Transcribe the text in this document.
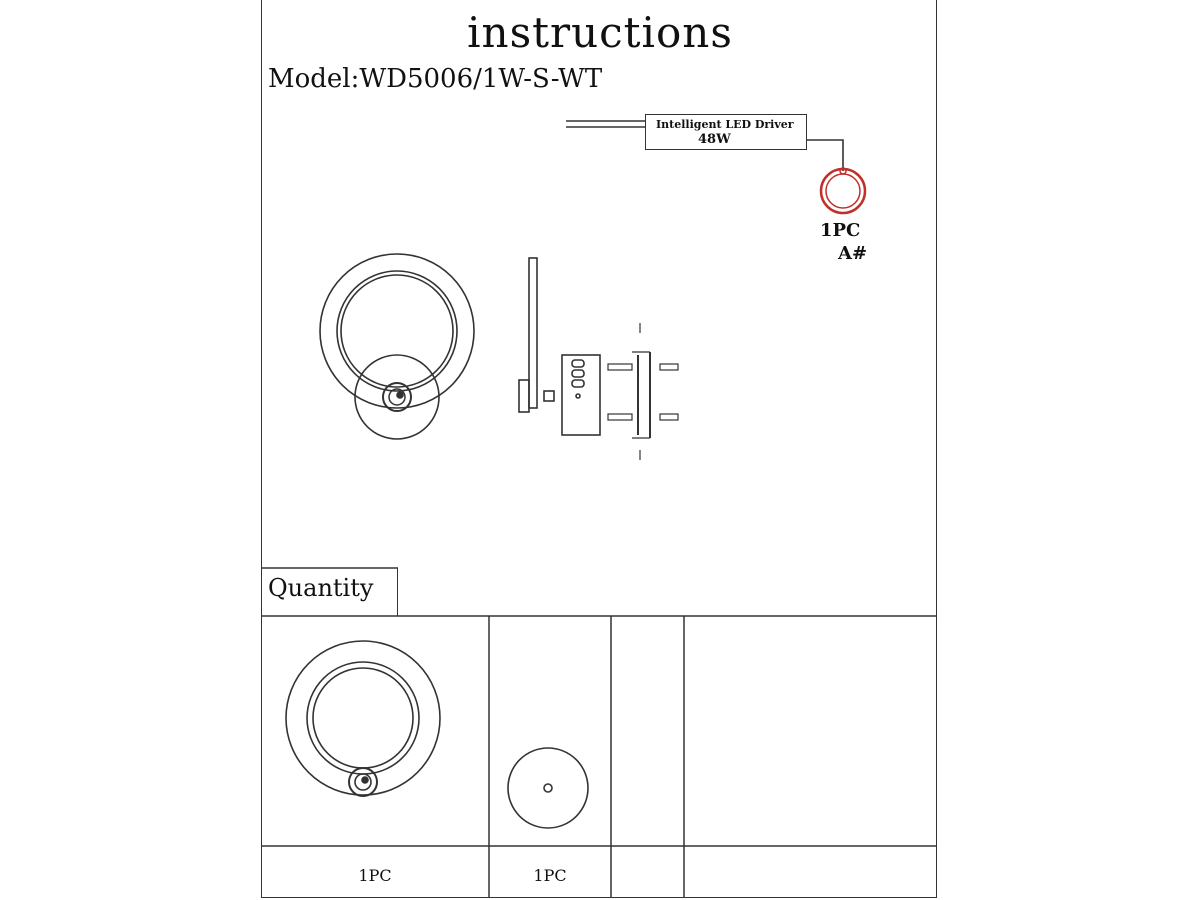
instructions
Model:WD5006/1W-S-WT
Intelligent LED Driver
48W
1PC
A#
Quantity
1PC	1PC
